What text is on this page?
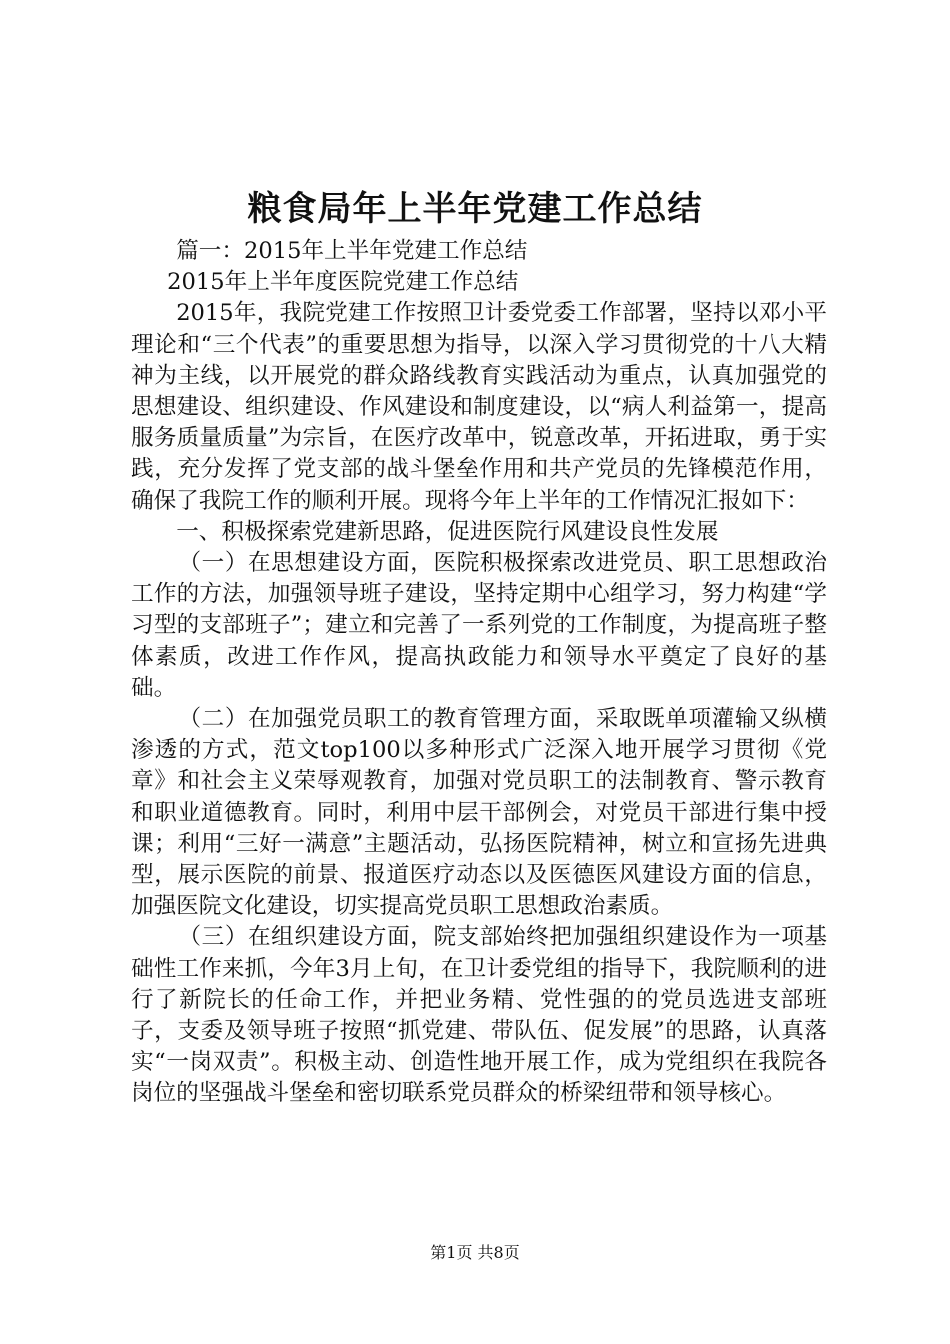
粮食局年上半年党建工作总结

篇一：2015年上半年党建工作总结

2015年上半年度医院党建工作总结

2015年，我院党建工作按照卫计委党委工作部署，坚持以邓小平理论和“三个代表”的重要思想为指导，以深入学习贯彻党的十八大精神为主线，以开展党的群众路线教育实践活动为重点，认真加强党的思想建设、组织建设、作风建设和制度建设，以“病人利益第一，提高服务质量质量”为宗旨，在医疗改革中，锐意改革，开拓进取，勇于实践，充分发挥了党支部的战斗堡垒作用和共产党员的先锋模范作用，确保了我院工作的顺利开展。现将今年上半年的工作情况汇报如下：

一、积极探索党建新思路，促进医院行风建设良性发展

（一）在思想建设方面，医院积极探索改进党员、职工思想政治工作的方法，加强领导班子建设，坚持定期中心组学习，努力构建“学习型的支部班子”；建立和完善了一系列党的工作制度，为提高班子整体素质，改进工作作风，提高执政能力和领导水平奠定了良好的基础。

（二）在加强党员职工的教育管理方面，采取既单项灌输又纵横渗透的方式，范文top100以多种形式广泛深入地开展学习贯彻《党章》和社会主义荣辱观教育，加强对党员职工的法制教育、警示教育和职业道德教育。同时，利用中层干部例会，对党员干部进行集中授课；利用“三好一满意”主题活动，弘扬医院精神，树立和宣扬先进典型，展示医院的前景、报道医疗动态以及医德医风建设方面的信息，加强医院文化建设，切实提高党员职工思想政治素质。

（三）在组织建设方面，院支部始终把加强组织建设作为一项基础性工作来抓，今年3月上旬，在卫计委党组的指导下，我院顺利的进行了新院长的任命工作，并把业务精、党性强的的党员选进支部班子，支委及领导班子按照“抓党建、带队伍、促发展”的思路，认真落实“一岗双责”。积极主动、创造性地开展工作，成为党组织在我院各岗位的坚强战斗堡垒和密切联系党员群众的桥梁纽带和领导核心。

第1页 共8页
